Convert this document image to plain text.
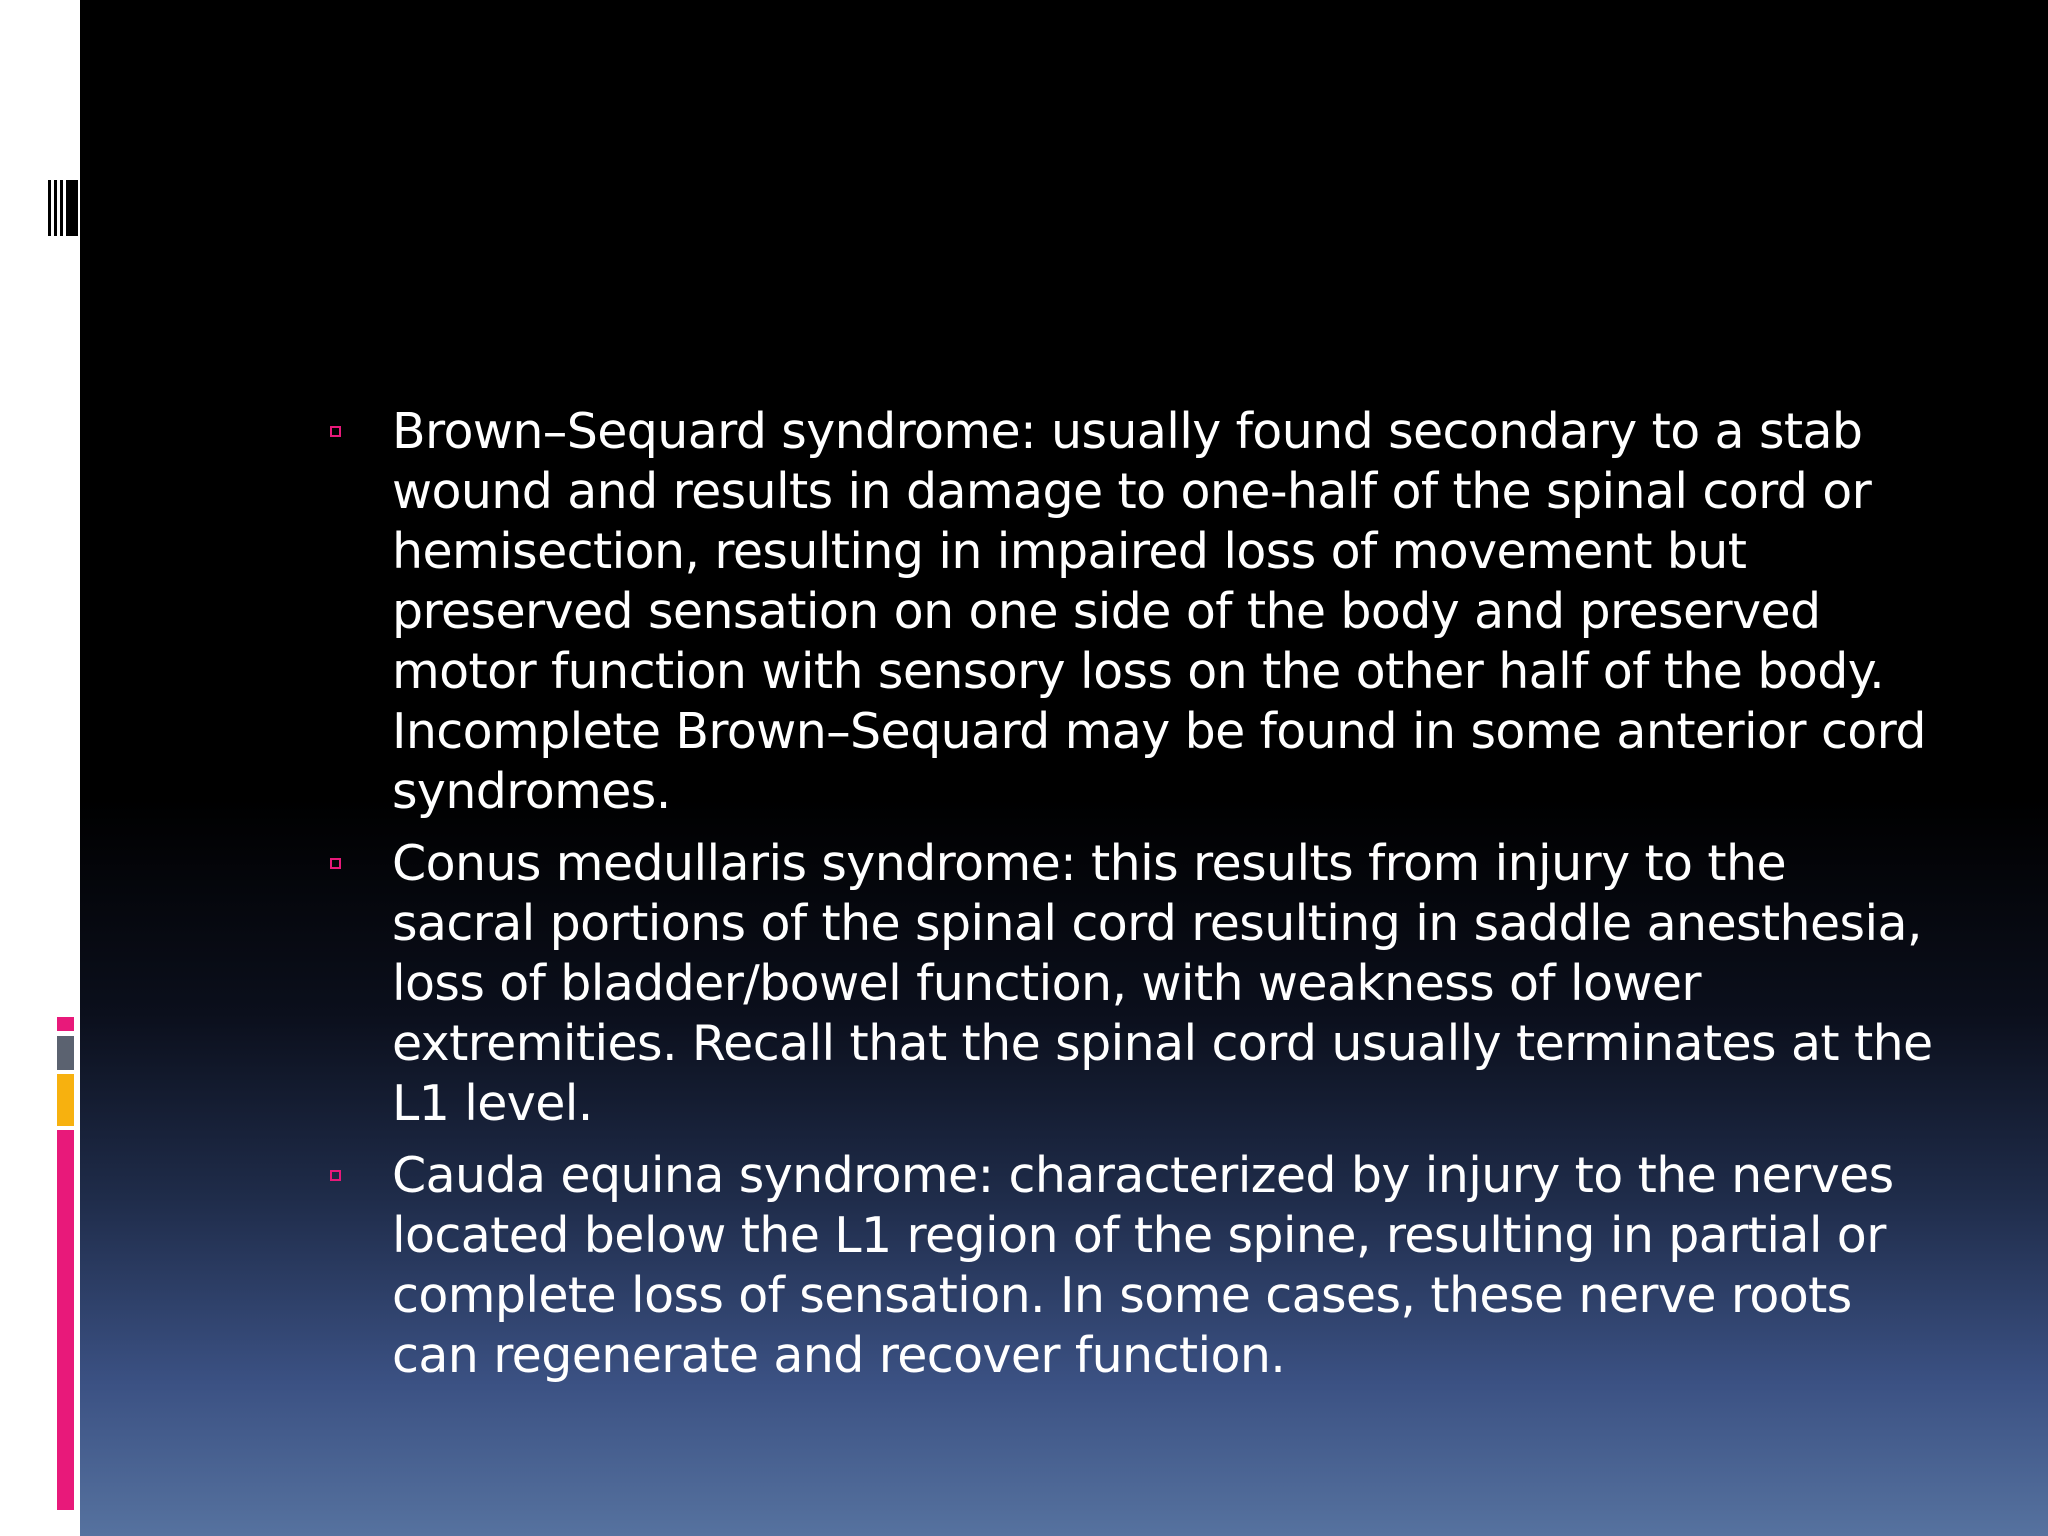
Brown–Sequard syndrome: usually found secondary to a stab wound and results in damage to one-half of the spinal cord or hemisection, resulting in impaired loss of movement but preserved sensation on one side of the body and preserved motor function with sensory loss on the other half of the body. Incomplete Brown–Sequard may be found in some anterior cord syndromes.
Conus medullaris syndrome: this results from injury to the sacral portions of the spinal cord resulting in saddle anesthesia, loss of bladder/bowel function, with weakness of lower extremities. Recall that the spinal cord usually terminates at the L1 level.
Cauda equina syndrome: characterized by injury to the nerves located below the L1 region of the spine, resulting in partial or complete loss of sensation. In some cases, these nerve roots can regenerate and recover function.
